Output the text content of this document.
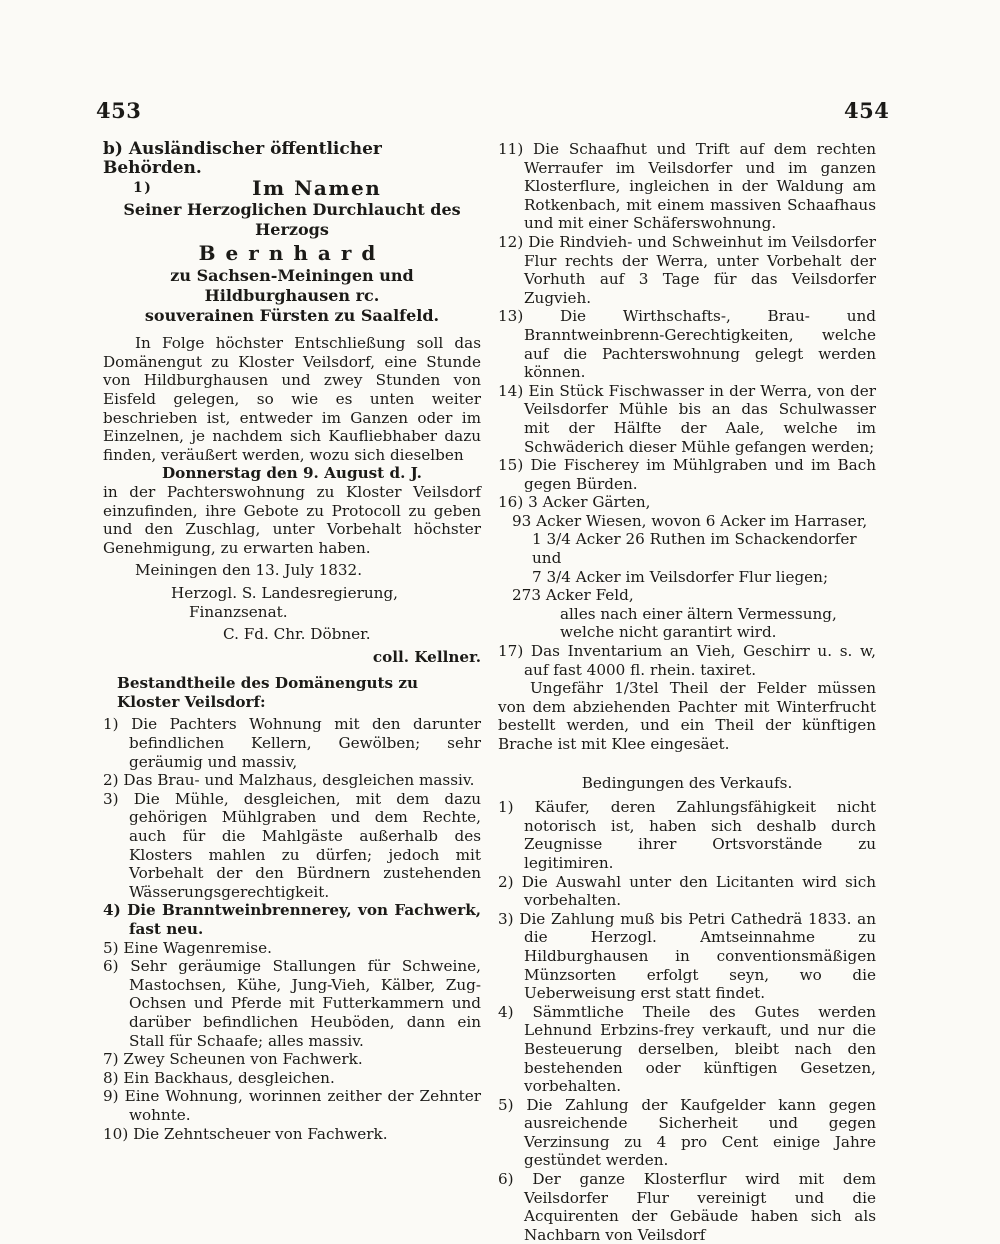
453	454

b) Ausländischer öffentlicher Behörden.

1)	Im Namen

Seiner Herzoglichen Durchlaucht des Herzogs

Bernhard

zu Sachsen-Meiningen und Hildburghausen rc.

souverainen Fürsten zu Saalfeld.

In Folge höchster Entschließung soll das Domänengut zu Kloster Veilsdorf, eine Stunde von Hildburghausen und zwey Stunden von Eisfeld gelegen, so wie es unten weiter beschrieben ist, entweder im Ganzen oder im Einzelnen, je nachdem sich Kaufliebhaber dazu finden, veräußert werden, wozu sich dieselben

Donnerstag den 9. August d. J.

in der Pachterswohnung zu Kloster Veilsdorf einzufinden, ihre Gebote zu Protocoll zu geben und den Zuschlag, unter Vorbehalt höchster Genehmigung, zu erwarten haben.

Meiningen den 13. July 1832.

Herzogl. S. Landesregierung,

Finanzsenat.

C. Fd. Chr. Döbner.

coll. Kellner.

Bestandtheile des Domänenguts zu Kloster Veilsdorf:

1) Die Pachters Wohnung mit den darunter befindlichen Kellern, Gewölben; sehr geräumig und massiv,

2) Das Brau- und Malzhaus, desgleichen massiv.

3) Die Mühle, desgleichen, mit dem dazu gehörigen Mühlgraben und dem Rechte, auch für die Mahlgäste außerhalb des Klosters mahlen zu dürfen; jedoch mit Vorbehalt der den Bürdnern zustehenden Wässerungsgerechtigkeit.

4) Die Branntweinbrennerey, von Fachwerk, fast neu.

5) Eine Wagenremise.

6) Sehr geräumige Stallungen für Schweine, Mastochsen, Kühe, Jung-Vieh, Kälber, Zug-Ochsen und Pferde mit Futterkammern und darüber befindlichen Heuböden, dann ein Stall für Schaafe; alles massiv.

7) Zwey Scheunen von Fachwerk.

8) Ein Backhaus, desgleichen.

9) Eine Wohnung, worinnen zeither der Zehnter wohnte.

10) Die Zehntscheuer von Fachwerk.

11) Die Schaafhut und Trift auf dem rechten Werraufer im Veilsdorfer und im ganzen Klosterflure, ingleichen in der Waldung am Rotkenbach, mit einem massiven Schaafhaus und mit einer Schäferswohnung.

12) Die Rindvieh- und Schweinhut im Veilsdorfer Flur rechts der Werra, unter Vorbehalt der Vorhuth auf 3 Tage für das Veilsdorfer Zugvieh.

13) Die Wirthschafts-, Brau- und Branntweinbrenn-Gerechtigkeiten, welche auf die Pachterswohnung gelegt werden können.

14) Ein Stück Fischwasser in der Werra, von der Veilsdorfer Mühle bis an das Schulwasser mit der Hälfte der Aale, welche im Schwäderich dieser Mühle gefangen werden;

15) Die Fischerey im Mühlgraben und im Bach gegen Bürden.

16) 3 Acker Gärten,

93 Acker Wiesen, wovon 6 Acker im Harraser,

1 3/4 Acker 26 Ruthen im Schackendorfer und

7 3/4 Acker im Veilsdorfer Flur liegen;

273 Acker Feld,

alles nach einer ältern Vermessung, welche nicht garantirt wird.

17) Das Inventarium an Vieh, Geschirr u. s. w, auf fast 4000 fl. rhein. taxiret.

Ungefähr 1/3tel Theil der Felder müssen von dem abziehenden Pachter mit Winterfrucht bestellt werden, und ein Theil der künftigen Brache ist mit Klee eingesäet.

Bedingungen des Verkaufs.

1) Käufer, deren Zahlungsfähigkeit nicht notorisch ist, haben sich deshalb durch Zeugnisse ihrer Ortsvorstände zu legitimiren.

2) Die Auswahl unter den Licitanten wird sich vorbehalten.

3) Die Zahlung muß bis Petri Cathedrä 1833. an die Herzogl. Amtseinnahme zu Hildburghausen in conventionsmäßigen Münzsorten erfolgt seyn, wo die Ueberweisung erst statt findet.

4) Sämmtliche Theile des Gutes werden Lehnund Erbzins-frey verkauft, und nur die Besteuerung derselben, bleibt nach den bestehenden oder künftigen Gesetzen, vorbehalten.

5) Die Zahlung der Kaufgelder kann gegen ausreichende Sicherheit und gegen Verzinsung zu 4 pro Cent einige Jahre gestündet werden.

6) Der ganze Klosterflur wird mit dem Veilsdorfer Flur vereinigt und die Acquirenten der Gebäude haben sich als Nachbarn von Veilsdorf
